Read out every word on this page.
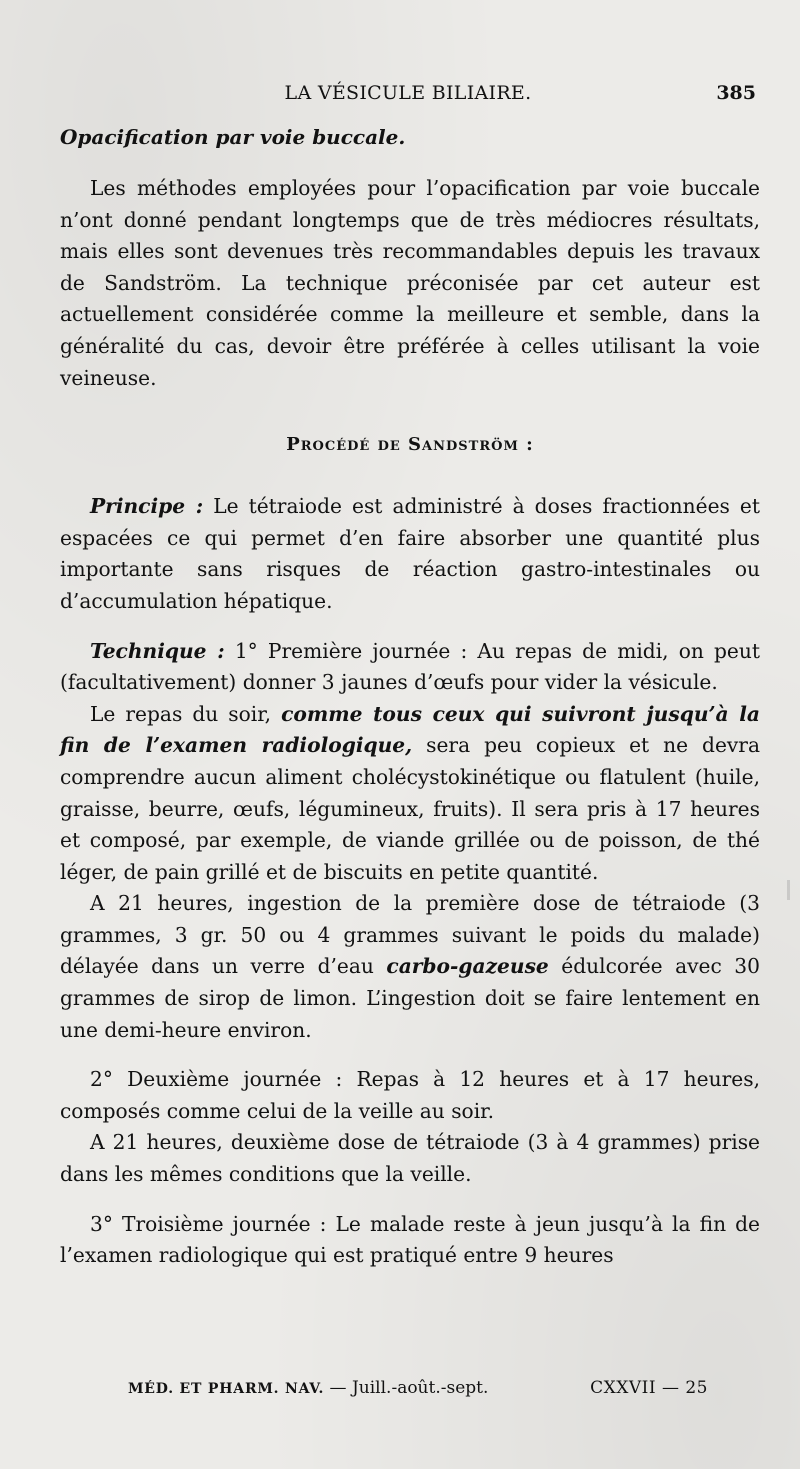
LA VÉSICULE BILIAIRE.	385
Opacification par voie buccale.

Les méthodes employées pour l’opacification par voie buccale n’ont donné pendant longtemps que de très médiocres résultats, mais elles sont devenues très recommandables depuis les travaux de Sandström. La technique préconisée par cet auteur est actuellement considérée comme la meilleure et semble, dans la généralité du cas, devoir être préférée à celles utilisant la voie veineuse.

Procédé de Sandström :

Principe : Le tétraiode est administré à doses fractionnées et espacées ce qui permet d’en faire absorber une quantité plus importante sans risques de réaction gastro-intestinales ou d’accumulation hépatique.

Technique : 1° Première journée : Au repas de midi, on peut (facultativement) donner 3 jaunes d’œufs pour vider la vésicule.

Le repas du soir, comme tous ceux qui suivront jusqu’à la fin de l’examen radiologique, sera peu copieux et ne devra comprendre aucun aliment cholécystokinétique ou flatulent (huile, graisse, beurre, œufs, légumineux, fruits). Il sera pris à 17 heures et composé, par exemple, de viande grillée ou de poisson, de thé léger, de pain grillé et de biscuits en petite quantité.

A 21 heures, ingestion de la première dose de tétraiode (3 grammes, 3 gr. 50 ou 4 grammes suivant le poids du malade) délayée dans un verre d’eau carbo-gazeuse édulcorée avec 30 grammes de sirop de limon. L’ingestion doit se faire lentement en une demi-heure environ.

2° Deuxième journée : Repas à 12 heures et à 17 heures, composés comme celui de la veille au soir.

A 21 heures, deuxième dose de tétraiode (3 à 4 grammes) prise dans les mêmes conditions que la veille.

3° Troisième journée : Le malade reste à jeun jusqu’à la fin de l’examen radiologique qui est pratiqué entre 9 heures

MÉD. ET PHARM. NAV. — Juill.-août.-sept.	CXXVII — 25
